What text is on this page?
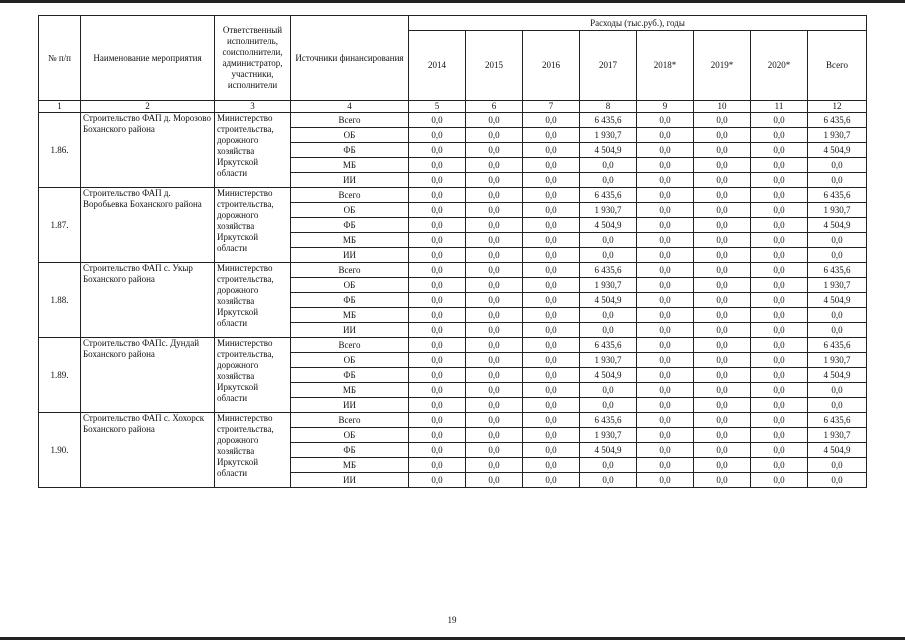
№ п/п	Наименование мероприятия	Ответственный исполнитель, соисполнители, администратор, участники, исполнители	Источники финансирования	Расходы (тыс.руб.), годы							
				2014	2015	2016	2017	2018*	2019*	2020*	Всего
1	2	3	4	5	6	7	8	9	10	11	12
1.86.	Строительство ФАП д. Морозово Боханского района	Министерство строительства, дорожного хозяйства Иркутской области	Всего	0,0	0,0	0,0	6 435,6	0,0	0,0	0,0	6 435,6
			ОБ	0,0	0,0	0,0	1 930,7	0,0	0,0	0,0	1 930,7
			ФБ	0,0	0,0	0,0	4 504,9	0,0	0,0	0,0	4 504,9
			МБ	0,0	0,0	0,0	0,0	0,0	0,0	0,0	0,0
			ИИ	0,0	0,0	0,0	0,0	0,0	0,0	0,0	0,0
1.87.	Строительство ФАП д. Воробьевка Боханского района	Министерство строительства, дорожного хозяйства Иркутской области	Всего	0,0	0,0	0,0	6 435,6	0,0	0,0	0,0	6 435,6
			ОБ	0,0	0,0	0,0	1 930,7	0,0	0,0	0,0	1 930,7
			ФБ	0,0	0,0	0,0	4 504,9	0,0	0,0	0,0	4 504,9
			МБ	0,0	0,0	0,0	0,0	0,0	0,0	0,0	0,0
			ИИ	0,0	0,0	0,0	0,0	0,0	0,0	0,0	0,0
1.88.	Строительство ФАП с. Укыр Боханского района	Министерство строительства, дорожного хозяйства Иркутской области	Всего	0,0	0,0	0,0	6 435,6	0,0	0,0	0,0	6 435,6
			ОБ	0,0	0,0	0,0	1 930,7	0,0	0,0	0,0	1 930,7
			ФБ	0,0	0,0	0,0	4 504,9	0,0	0,0	0,0	4 504,9
			МБ	0,0	0,0	0,0	0,0	0,0	0,0	0,0	0,0
			ИИ	0,0	0,0	0,0	0,0	0,0	0,0	0,0	0,0
1.89.	Строительство ФАПс. Дундай Боханского района	Министерство строительства, дорожного хозяйства Иркутской области	Всего	0,0	0,0	0,0	6 435,6	0,0	0,0	0,0	6 435,6
			ОБ	0,0	0,0	0,0	1 930,7	0,0	0,0	0,0	1 930,7
			ФБ	0,0	0,0	0,0	4 504,9	0,0	0,0	0,0	4 504,9
			МБ	0,0	0,0	0,0	0,0	0,0	0,0	0,0	0,0
			ИИ	0,0	0,0	0,0	0,0	0,0	0,0	0,0	0,0
1.90.	Строительство ФАП с. Хохорск Боханского района	Министерство строительства, дорожного хозяйства Иркутской области	Всего	0,0	0,0	0,0	6 435,6	0,0	0,0	0,0	6 435,6
			ОБ	0,0	0,0	0,0	1 930,7	0,0	0,0	0,0	1 930,7
			ФБ	0,0	0,0	0,0	4 504,9	0,0	0,0	0,0	4 504,9
			МБ	0,0	0,0	0,0	0,0	0,0	0,0	0,0	0,0
			ИИ	0,0	0,0	0,0	0,0	0,0	0,0	0,0	0,0
19
